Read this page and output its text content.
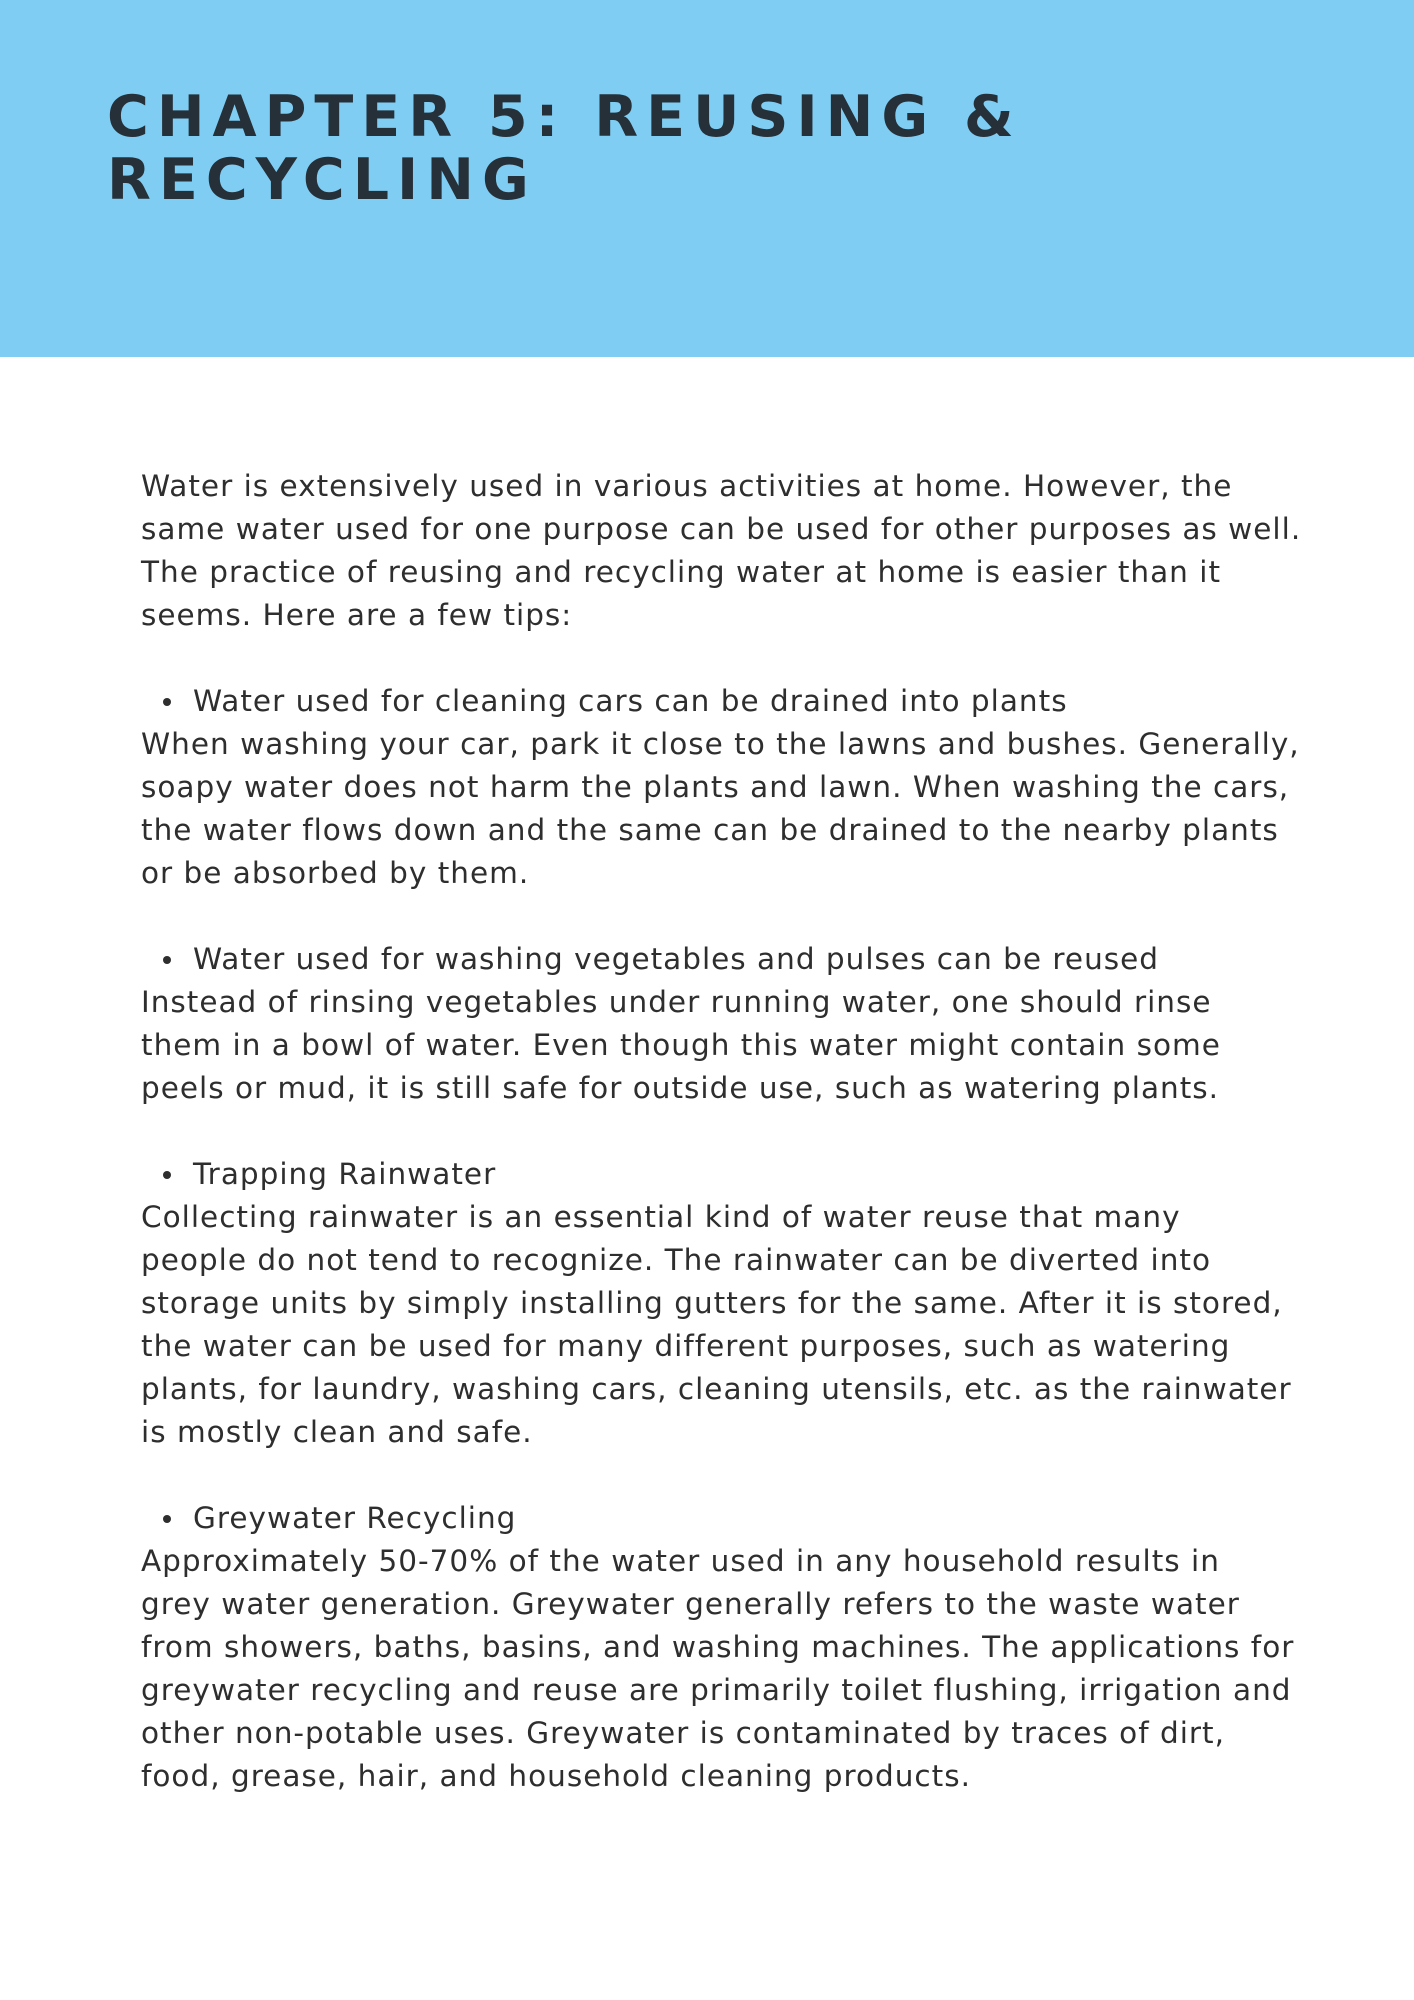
CHAPTER 5: REUSING &
RECYCLING

Water is extensively used in various activities at home. However, the
same water used for one purpose can be used for other purposes as well.
The practice of reusing and recycling water at home is easier than it
seems. Here are a few tips:

Water used for cleaning cars can be drained into plants

When washing your car, park it close to the lawns and bushes. Generally,
soapy water does not harm the plants and lawn. When washing the cars,
the water flows down and the same can be drained to the nearby plants
or be absorbed by them.

Water used for washing vegetables and pulses can be reused

Instead of rinsing vegetables under running water, one should rinse
them in a bowl of water. Even though this water might contain some
peels or mud, it is still safe for outside use, such as watering plants.

Trapping Rainwater

Collecting rainwater is an essential kind of water reuse that many
people do not tend to recognize. The rainwater can be diverted into
storage units by simply installing gutters for the same. After it is stored,
the water can be used for many different purposes, such as watering
plants, for laundry, washing cars, cleaning utensils, etc. as the rainwater
is mostly clean and safe.

Greywater Recycling

Approximately 50-70% of the water used in any household results in
grey water generation. Greywater generally refers to the waste water
from showers, baths, basins, and washing machines. The applications for
greywater recycling and reuse are primarily toilet flushing, irrigation and
other non-potable uses. Greywater is contaminated by traces of dirt,
food, grease, hair, and household cleaning products.
